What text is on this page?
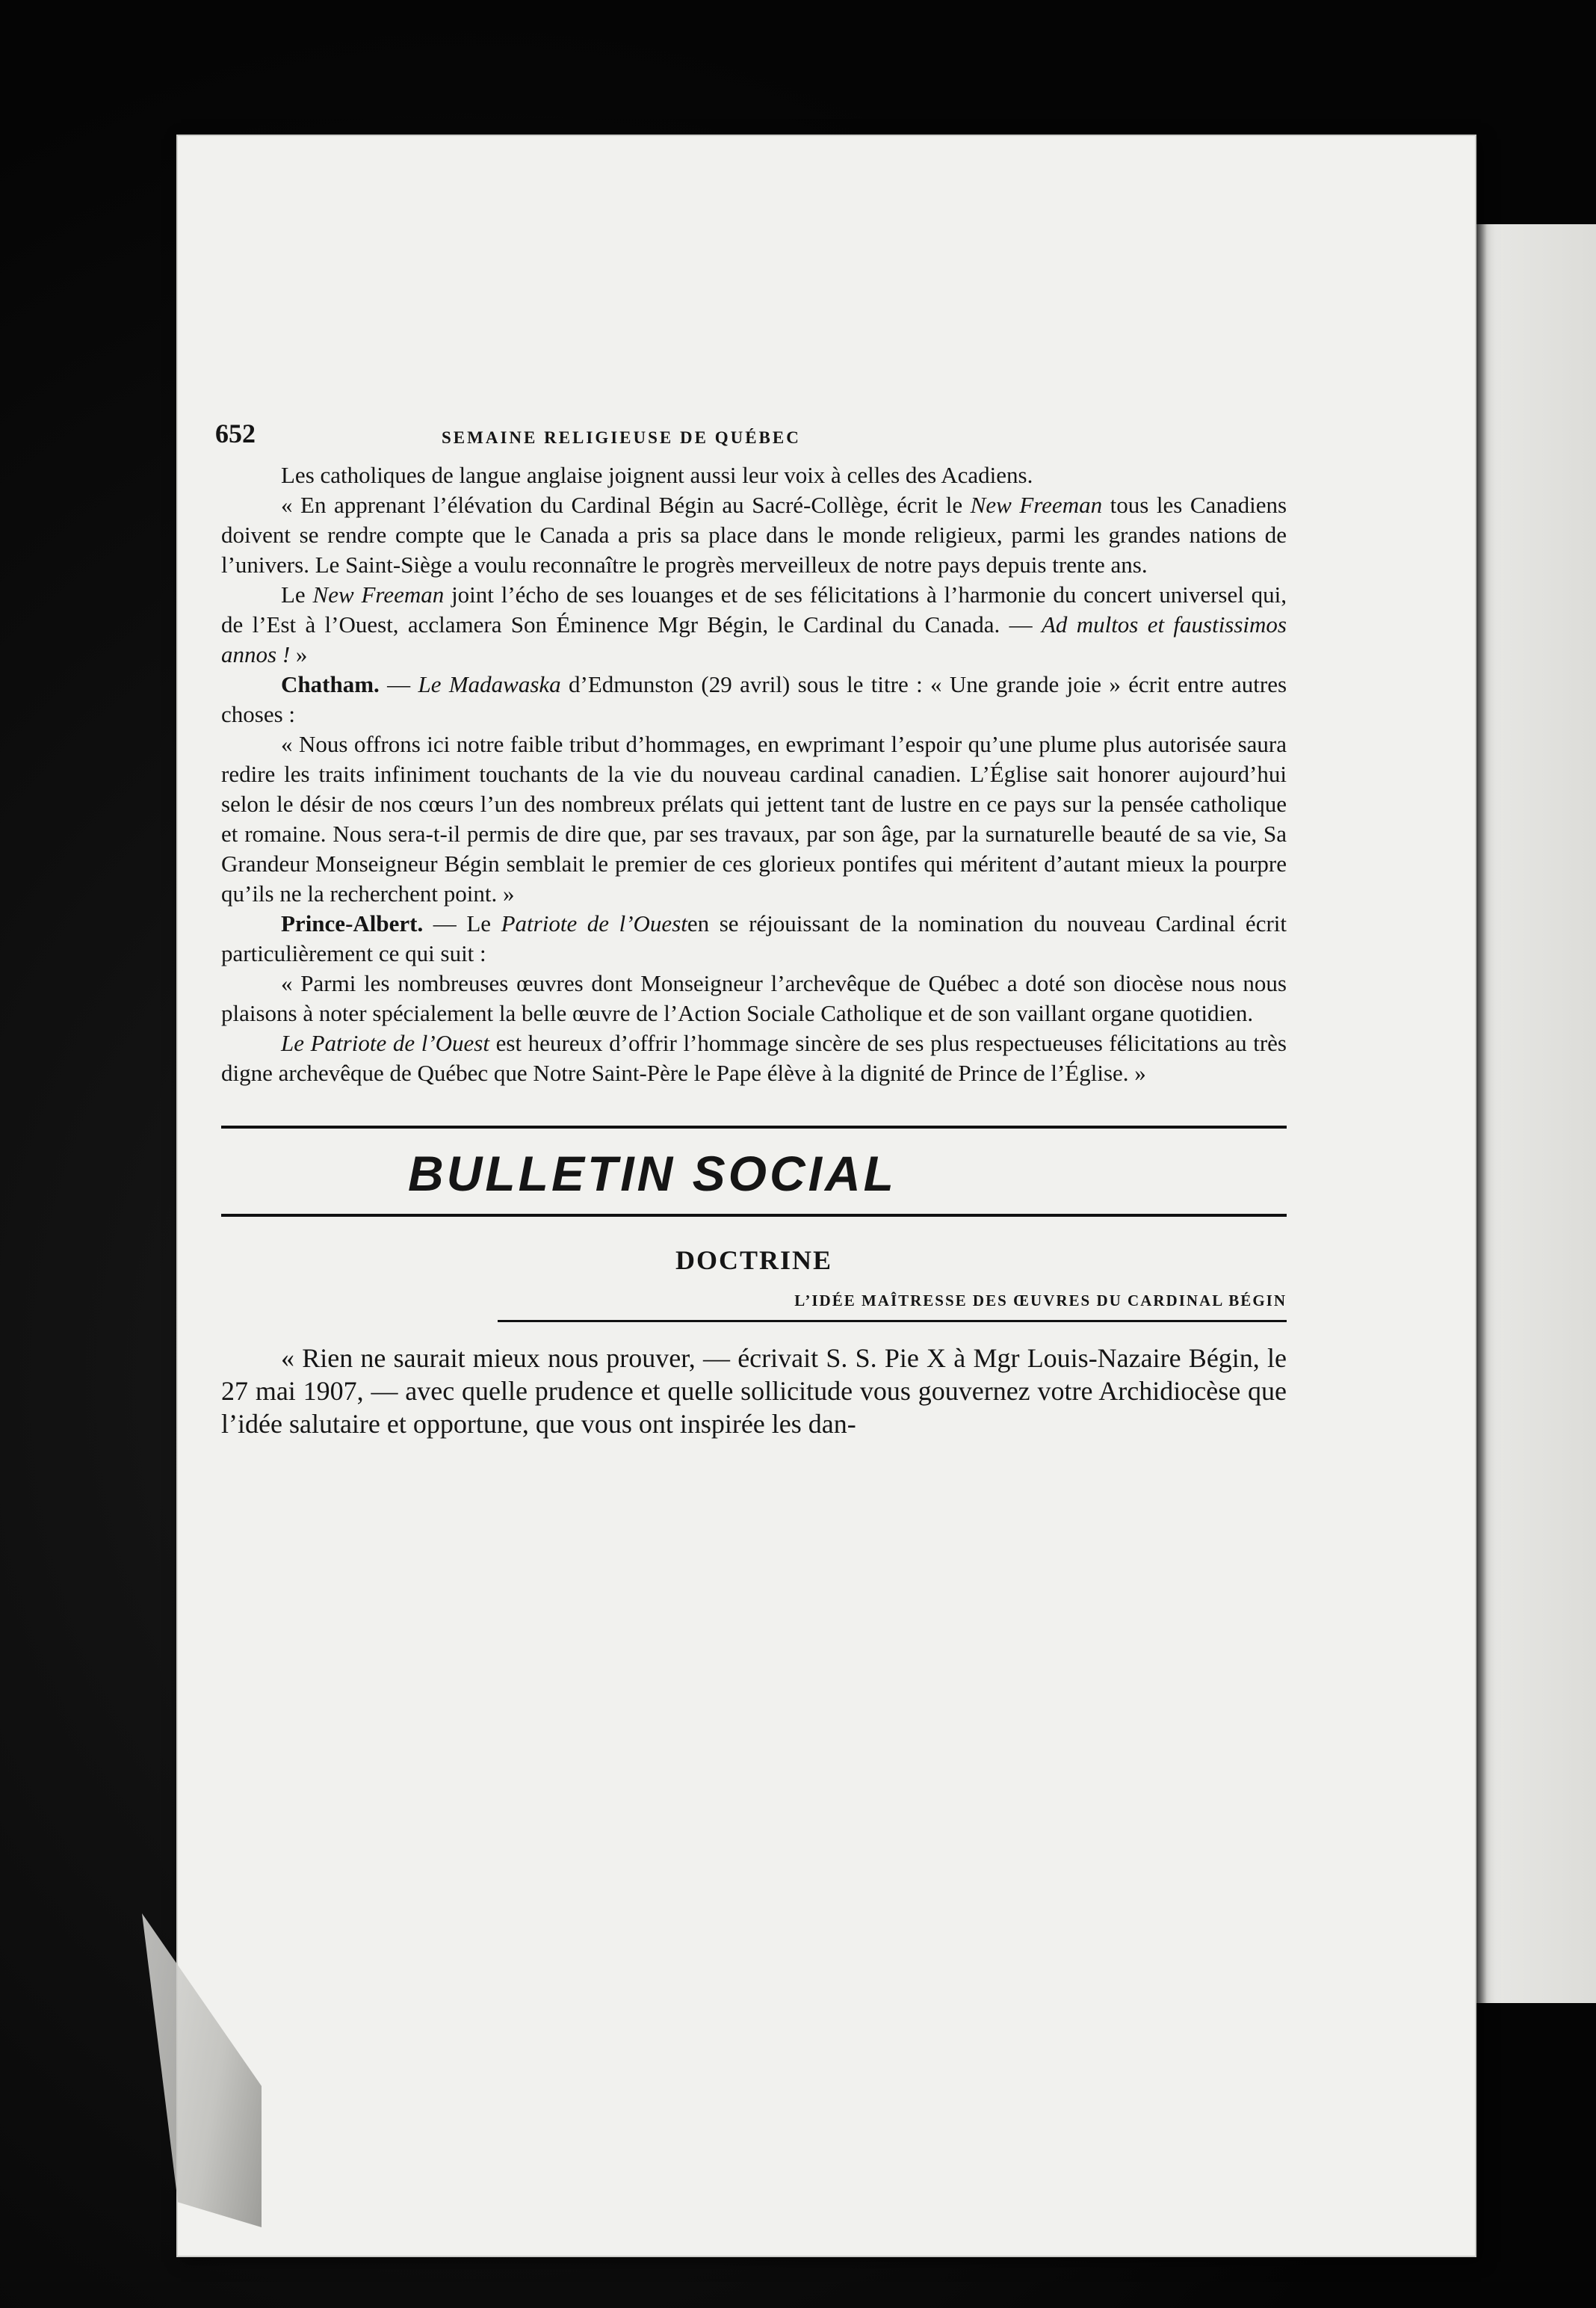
652	SEMAINE RELIGIEUSE DE QUÉBEC

Les catholiques de langue anglaise joignent aussi leur voix à celles des Acadiens.

« En apprenant l’élévation du Cardinal Bégin au Sacré-Collège, écrit le New Freeman tous les Canadiens doivent se rendre compte que le Canada a pris sa place dans le monde religieux, parmi les grandes nations de l’univers. Le Saint-Siège a voulu reconnaître le progrès merveilleux de notre pays depuis trente ans.

Le New Freeman joint l’écho de ses louanges et de ses félicitations à l’harmonie du concert universel qui, de l’Est à l’Ouest, acclamera Son Éminence Mgr Bégin, le Cardinal du Canada. — Ad multos et faustissimos annos ! »

Chatham. — Le Madawaska d’Edmunston (29 avril) sous le titre : « Une grande joie » écrit entre autres choses :

« Nous offrons ici notre faible tribut d’hommages, en ewprimant l’espoir qu’une plume plus autorisée saura redire les traits infiniment touchants de la vie du nouveau cardinal canadien. L’Église sait honorer aujourd’hui selon le désir de nos cœurs l’un des nombreux prélats qui jettent tant de lustre en ce pays sur la pensée catholique et romaine. Nous sera-t-il permis de dire que, par ses travaux, par son âge, par la surnaturelle beauté de sa vie, Sa Grandeur Monseigneur Bégin semblait le premier de ces glorieux pontifes qui méritent d’autant mieux la pourpre qu’ils ne la recherchent point. »

Prince-Albert. — Le Patriote de l’Ouesten se réjouissant de la nomination du nouveau Cardinal écrit particulièrement ce qui suit :

« Parmi les nombreuses œuvres dont Monseigneur l’archevêque de Québec a doté son diocèse nous nous plaisons à noter spécialement la belle œuvre de l’Action Sociale Catholique et de son vaillant organe quotidien.

Le Patriote de l’Ouest est heureux d’offrir l’hommage sincère de ses plus respectueuses félicitations au très digne archevêque de Québec que Notre Saint-Père le Pape élève à la dignité de Prince de l’Église. »

BULLETIN SOCIAL
DOCTRINE
L’IDÉE MAÎTRESSE DES ŒUVRES DU CARDINAL BÉGIN

« Rien ne saurait mieux nous prouver, — écrivait S. S. Pie X à Mgr Louis-Nazaire Bégin, le 27 mai 1907, — avec quelle prudence et quelle sollicitude vous gouvernez votre Archidiocèse que l’idée salutaire et opportune, que vous ont inspirée les dan-
